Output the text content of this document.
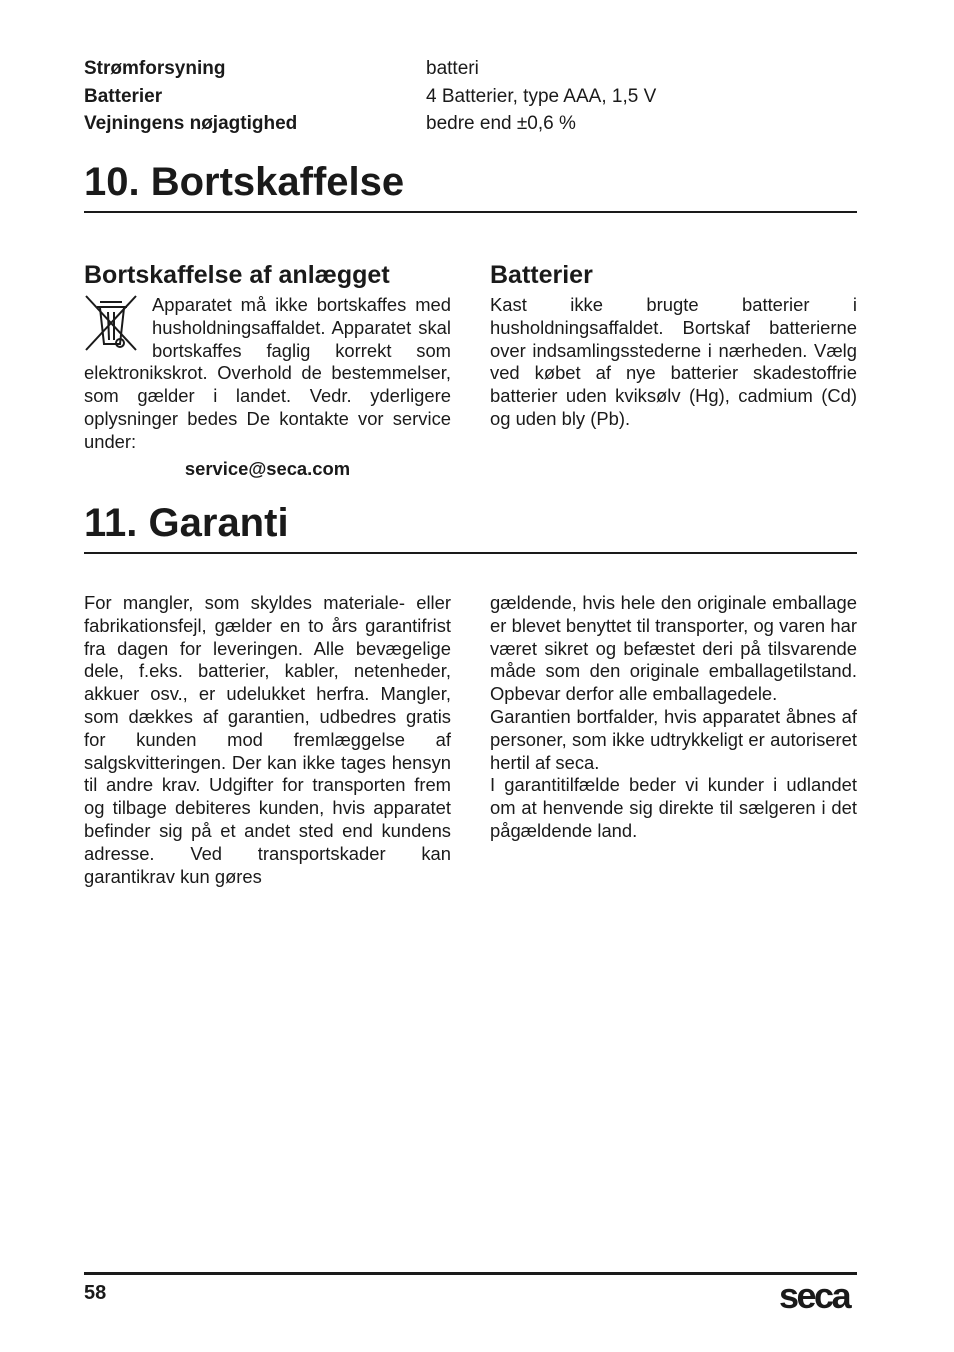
Strømforsyning	batteri
Batterier	4 Batterier, type AAA, 1,5 V
Vejningens nøjagtighed	bedre end ±0,6 %
10. Bortskaffelse
Bortskaffelse af anlægget

Apparatet må ikke bortskaffes med husholdningsaffaldet. Apparatet skal bortskaffes faglig korrekt som elektronikskrot. Overhold de bestemmelser, som gælder i landet. Vedr. yderligere oplysninger bedes De kontakte vor service under:

service@seca.com
Batterier

Kast ikke brugte batterier i husholdningsaffaldet. Bortskaf batterierne over indsamlingsstederne i nærheden. Vælg ved købet af nye batterier skadestoffrie batterier uden kviksølv (Hg), cadmium (Cd) og uden bly (Pb).

11. Garanti

For mangler, som skyldes materiale- eller fabrikationsfejl, gælder en to års garantifrist fra dagen for leveringen. Alle bevægelige dele, f.eks. batterier, kabler, netenheder, akkuer osv., er udelukket herfra. Mangler, som dækkes af garantien, udbedres gratis for kunden mod fremlæggelse af salgskvitteringen. Der kan ikke tages hensyn til andre krav. Udgifter for transporten frem og tilbage debiteres kunden, hvis apparatet befinder sig på et andet sted end kundens adresse. Ved transportskader kan garantikrav kun gøres

gældende, hvis hele den originale emballage er blevet benyttet til transporter, og varen har været sikret og befæstet deri på tilsvarende måde som den originale emballagetilstand. Opbevar derfor alle emballagedele.

Garantien bortfalder, hvis apparatet åbnes af personer, som ikke udtrykkeligt er autoriseret hertil af seca.

I garantitilfælde beder vi kunder i udlandet om at henvende sig direkte til sælgeren i det pågældende land.

58	seca
